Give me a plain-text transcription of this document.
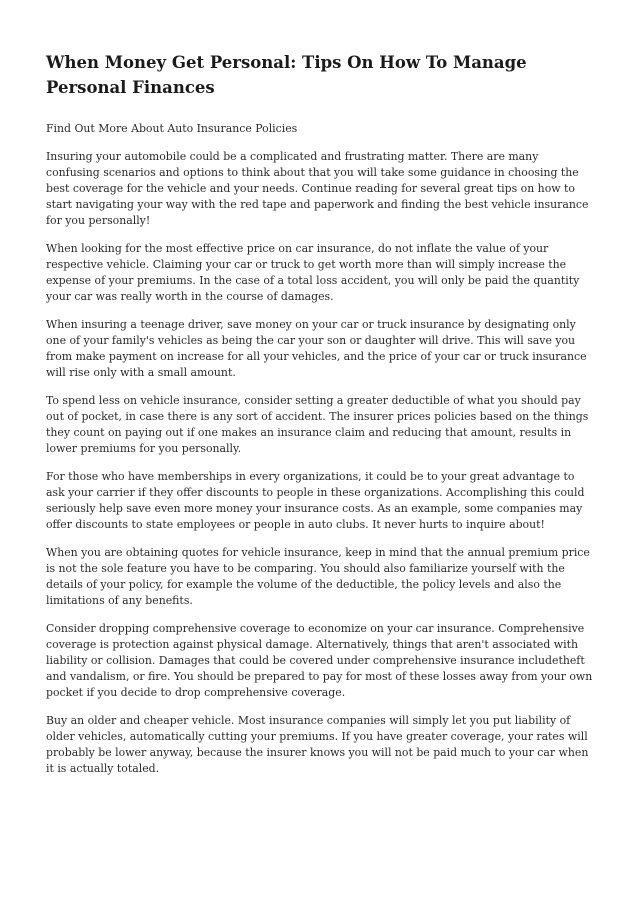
When Money Get Personal: Tips On How To Manage Personal Finances

Find Out More About Auto Insurance Policies

Insuring your automobile could be a complicated and frustrating matter. There are many confusing scenarios and options to think about that you will take some guidance in choosing the best coverage for the vehicle and your needs. Continue reading for several great tips on how to start navigating your way with the red tape and paperwork and finding the best vehicle insurance for you personally!

When looking for the most effective price on car insurance, do not inflate the value of your respective vehicle. Claiming your car or truck to get worth more than will simply increase the expense of your premiums. In the case of a total loss accident, you will only be paid the quantity your car was really worth in the course of damages.

When insuring a teenage driver, save money on your car or truck insurance by designating only one of your family's vehicles as being the car your son or daughter will drive. This will save you from make payment on increase for all your vehicles, and the price of your car or truck insurance will rise only with a small amount.

To spend less on vehicle insurance, consider setting a greater deductible of what you should pay out of pocket, in case there is any sort of accident. The insurer prices policies based on the things they count on paying out if one makes an insurance claim and reducing that amount, results in lower premiums for you personally.

For those who have memberships in every organizations, it could be to your great advantage to ask your carrier if they offer discounts to people in these organizations. Accomplishing this could seriously help save even more money your insurance costs. As an example, some companies may offer discounts to state employees or people in auto clubs. It never hurts to inquire about!

When you are obtaining quotes for vehicle insurance, keep in mind that the annual premium price is not the sole feature you have to be comparing. You should also familiarize yourself with the details of your policy, for example the volume of the deductible, the policy levels and also the limitations of any benefits.

Consider dropping comprehensive coverage to economize on your car insurance. Comprehensive coverage is protection against physical damage. Alternatively, things that aren't associated with liability or collision. Damages that could be covered under comprehensive insurance includetheft and vandalism, or fire. You should be prepared to pay for most of these losses away from your own pocket if you decide to drop comprehensive coverage.

Buy an older and cheaper vehicle. Most insurance companies will simply let you put liability of older vehicles, automatically cutting your premiums. If you have greater coverage, your rates will probably be lower anyway, because the insurer knows you will not be paid much to your car when it is actually totaled.
